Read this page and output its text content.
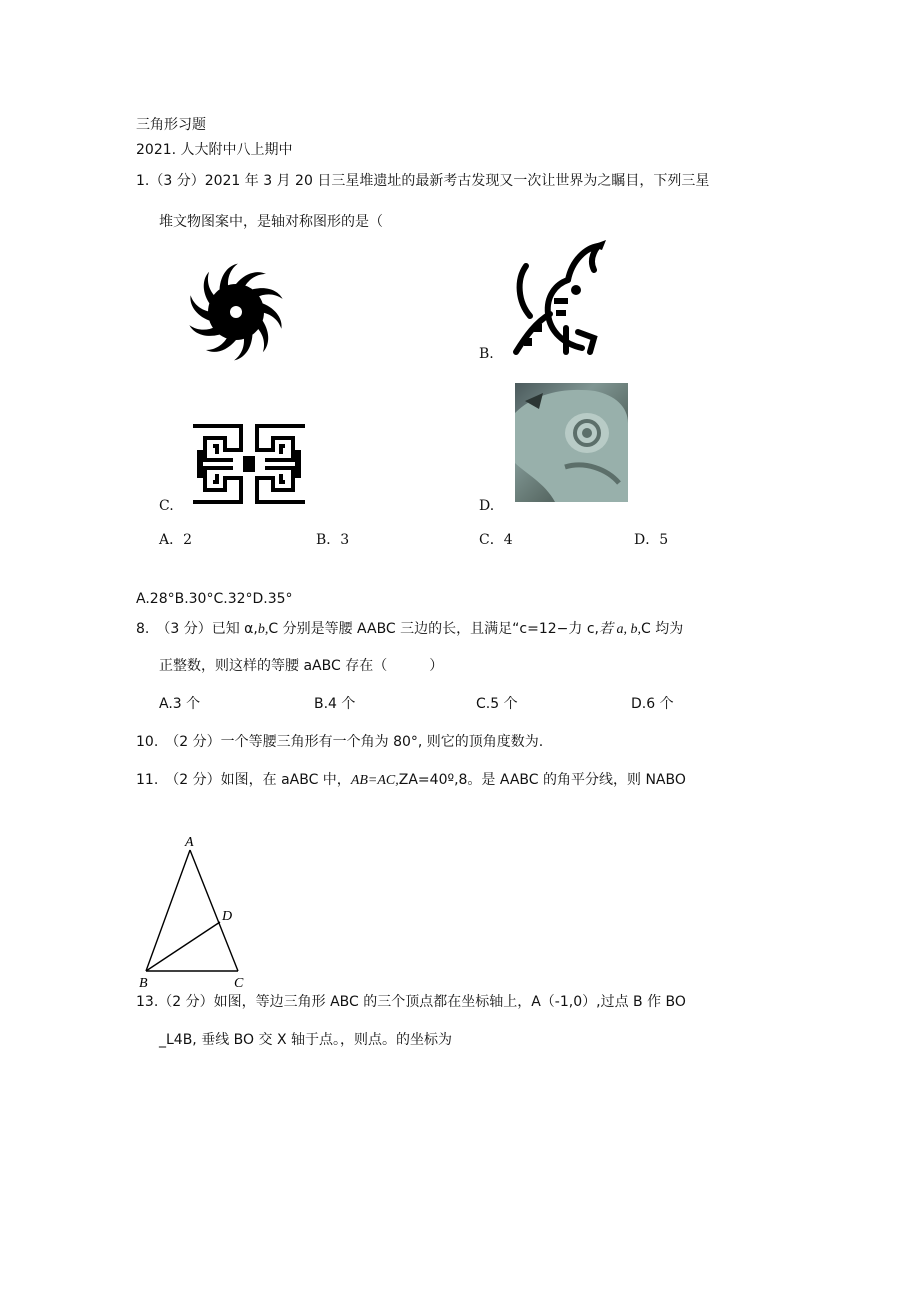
三角形习题
2021. 人大附中八上期中
1.（3 分）2021 年 3 月 20 日三星堆遗址的最新考古发现又一次让世界为之瞩目，下列三星
堆文物图案中，是轴对称图形的是（
B.
C.	D.
A．2	B．3	C．4	D．5
A.28°B.30°C.32°D.35°
8.　（3 分）已知 α,b,C 分别是等腰 AABC 三边的长，且满足“c=12−力 c,若 a, b,C 均为
正整数，则这样的等腰 aABC 存在（　　　）
A.3 个	B.4 个	C.5 个	D.6 个
10.　（2 分）一个等腰三角形有一个角为 80°, 则它的顶角度数为.
11.　（2 分）如图，在 aABC 中，AB=AC,ZA=40º,8。是 AABC 的角平分线，则 NABO
A
B	C
D
13.（2 分）如图，等边三角形 ABC 的三个顶点都在坐标轴上，A（-1,0）,过点 B 作 BO
_L4B, 垂线 BO 交 X 轴于点。，则点。的坐标为
